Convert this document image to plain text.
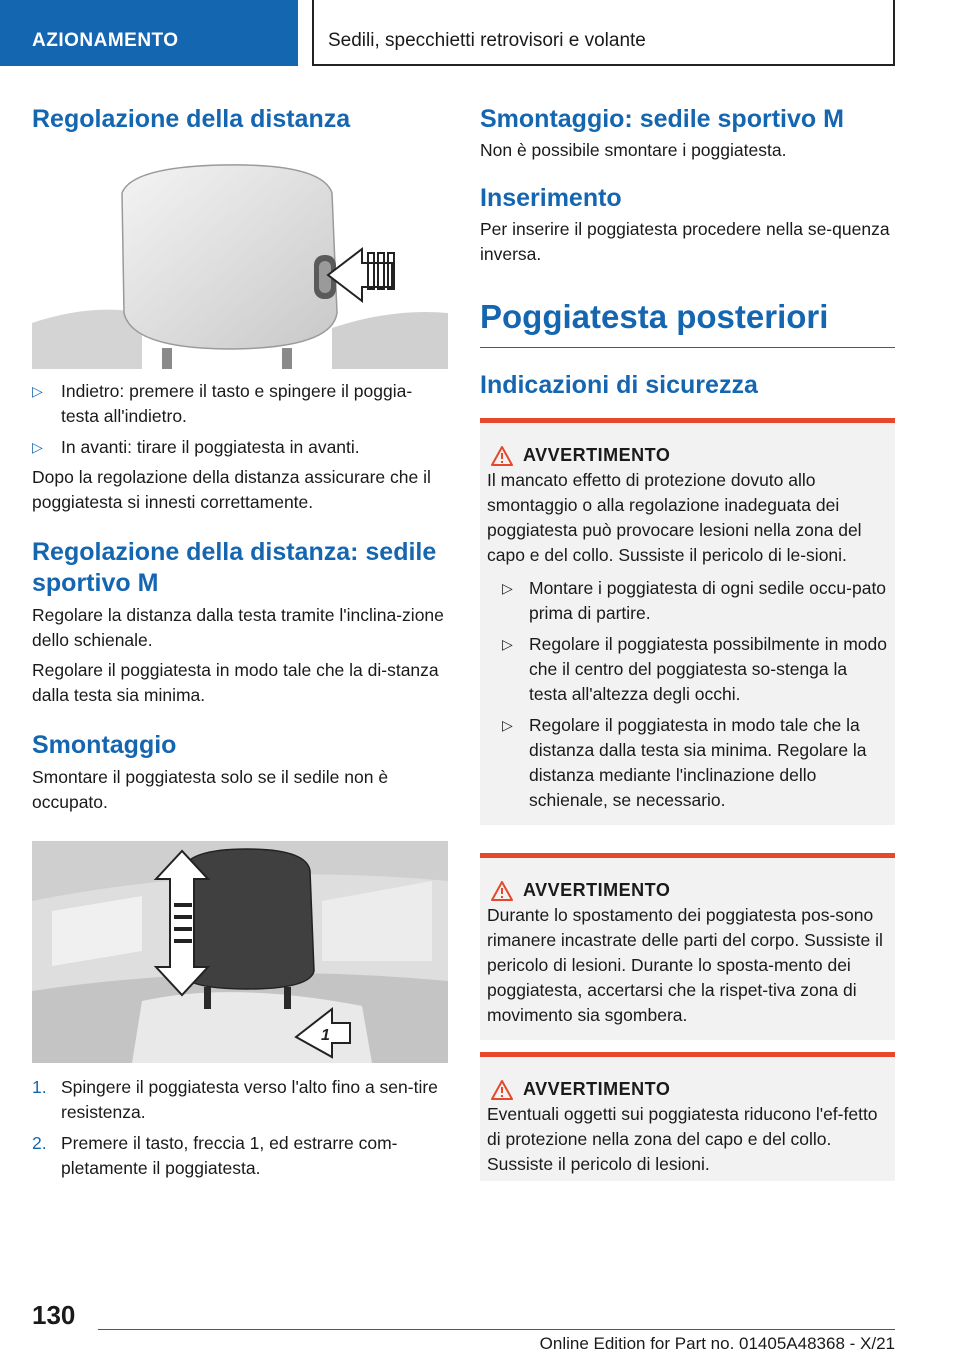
AZIONAMENTO	Sedili, specchietti retrovisori e volante
Regolazione della distanza
▷ Indietro: premere il tasto e spingere il poggia-testa all'indietro.
▷ In avanti: tirare il poggiatesta in avanti.
Dopo la regolazione della distanza assicurare che il poggiatesta si innesti correttamente.
Regolazione della distanza: sedile sportivo M
Regolare la distanza dalla testa tramite l'inclina-zione dello schienale.
Regolare il poggiatesta in modo tale che la di-stanza dalla testa sia minima.
Smontaggio
Smontare il poggiatesta solo se il sedile non è occupato.
1
1. Spingere il poggiatesta verso l'alto fino a sen-tire resistenza.
2. Premere il tasto, freccia 1, ed estrarre com-pletamente il poggiatesta.
Smontaggio: sedile sportivo M
Non è possibile smontare i poggiatesta.
Inserimento
Per inserire il poggiatesta procedere nella se-quenza inversa.
Poggiatesta posteriori
Indicazioni di sicurezza
AVVERTIMENTO
Il mancato effetto di protezione dovuto allo smontaggio o alla regolazione inadeguata dei poggiatesta può provocare lesioni nella zona del capo e del collo. Sussiste il pericolo di le-sioni.
▷ Montare i poggiatesta di ogni sedile occu-pato prima di partire.
▷ Regolare il poggiatesta possibilmente in modo che il centro del poggiatesta so-stenga la testa all'altezza degli occhi.
▷ Regolare il poggiatesta in modo tale che la distanza dalla testa sia minima. Regolare la distanza mediante l'inclinazione dello schienale, se necessario.
AVVERTIMENTO
Durante lo spostamento dei poggiatesta pos-sono rimanere incastrate delle parti del corpo. Sussiste il pericolo di lesioni. Durante lo sposta-mento dei poggiatesta, accertarsi che la rispet-tiva zona di movimento sia sgombera.
AVVERTIMENTO
Eventuali oggetti sui poggiatesta riducono l'ef-fetto di protezione nella zona del capo e del collo. Sussiste il pericolo di lesioni.
130
Online Edition for Part no. 01405A48368 - X/21
